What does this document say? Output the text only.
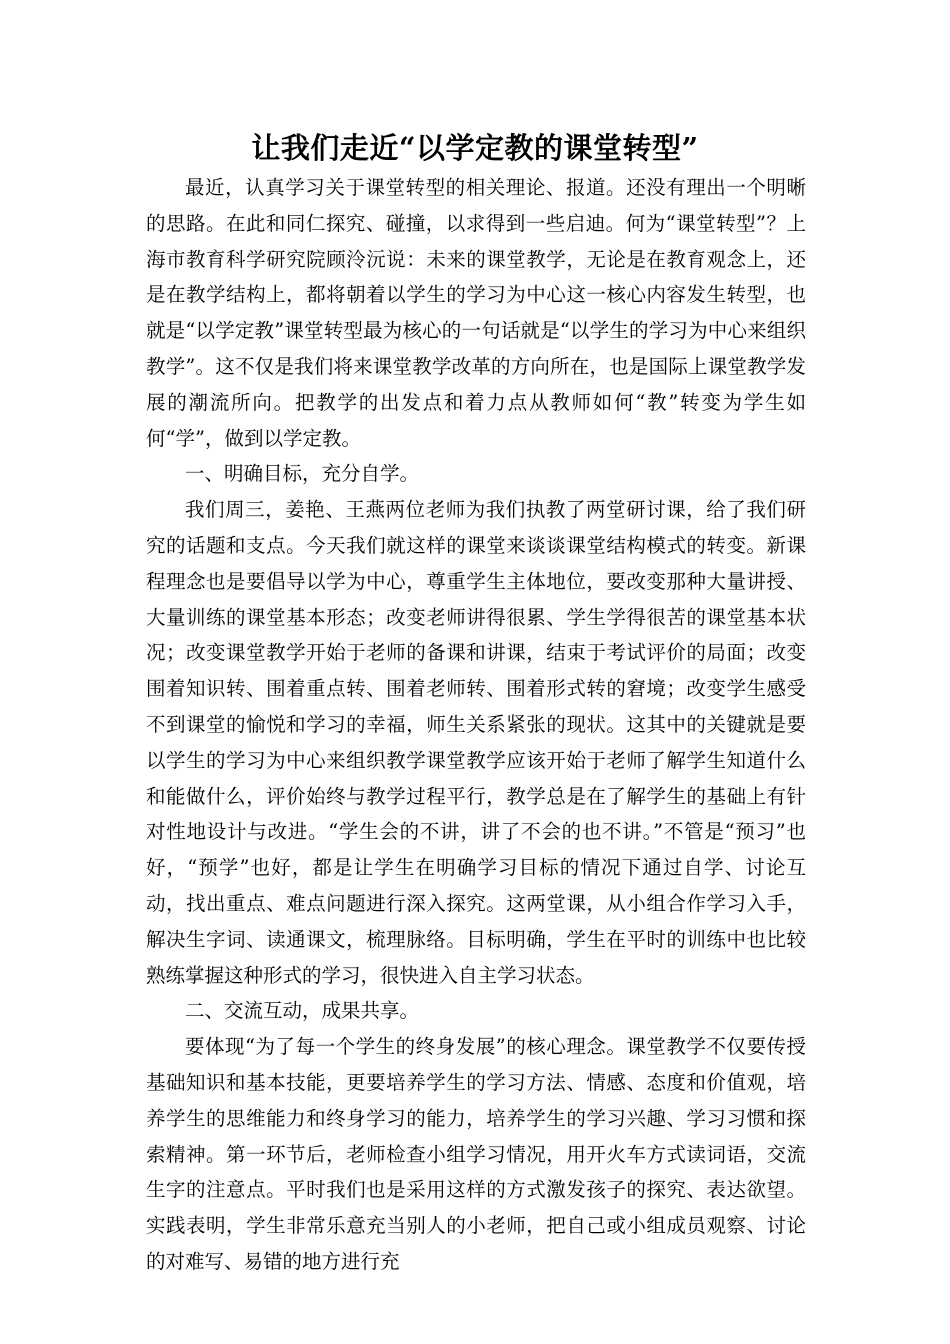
让我们走近“以学定教的课堂转型”

最近，认真学习关于课堂转型的相关理论、报道。还没有理出一个明晰的思路。在此和同仁探究、碰撞，以求得到一些启迪。何为“课堂转型”？上海市教育科学研究院顾泠沅说：未来的课堂教学，无论是在教育观念上，还是在教学结构上，都将朝着以学生的学习为中心这一核心内容发生转型，也就是“以学定教”课堂转型最为核心的一句话就是“以学生的学习为中心来组织教学”。这不仅是我们将来课堂教学改革的方向所在，也是国际上课堂教学发展的潮流所向。把教学的出发点和着力点从教师如何“教”转变为学生如何“学”，做到以学定教。

一、明确目标，充分自学。

我们周三，姜艳、王燕两位老师为我们执教了两堂研讨课，给了我们研究的话题和支点。今天我们就这样的课堂来谈谈课堂结构模式的转变。新课程理念也是要倡导以学为中心，尊重学生主体地位，要改变那种大量讲授、大量训练的课堂基本形态；改变老师讲得很累、学生学得很苦的课堂基本状况；改变课堂教学开始于老师的备课和讲课，结束于考试评价的局面；改变围着知识转、围着重点转、围着老师转、围着形式转的窘境；改变学生感受不到课堂的愉悦和学习的幸福，师生关系紧张的现状。这其中的关键就是要以学生的学习为中心来组织教学课堂教学应该开始于老师了解学生知道什么和能做什么，评价始终与教学过程平行，教学总是在了解学生的基础上有针对性地设计与改进。“学生会的不讲，讲了不会的也不讲。”不管是“预习”也好，“预学”也好，都是让学生在明确学习目标的情况下通过自学、讨论互动，找出重点、难点问题进行深入探究。这两堂课，从小组合作学习入手，解决生字词、读通课文，梳理脉络。目标明确，学生在平时的训练中也比较熟练掌握这种形式的学习，很快进入自主学习状态。

二、交流互动，成果共享。

要体现“为了每一个学生的终身发展”的核心理念。课堂教学不仅要传授基础知识和基本技能，更要培养学生的学习方法、情感、态度和价值观，培养学生的思维能力和终身学习的能力，培养学生的学习兴趣、学习习惯和探索精神。第一环节后，老师检查小组学习情况，用开火车方式读词语，交流生字的注意点。平时我们也是采用这样的方式激发孩子的探究、表达欲望。实践表明，学生非常乐意充当别人的小老师，把自己或小组成员观察、讨论的对难写、易错的地方进行充
